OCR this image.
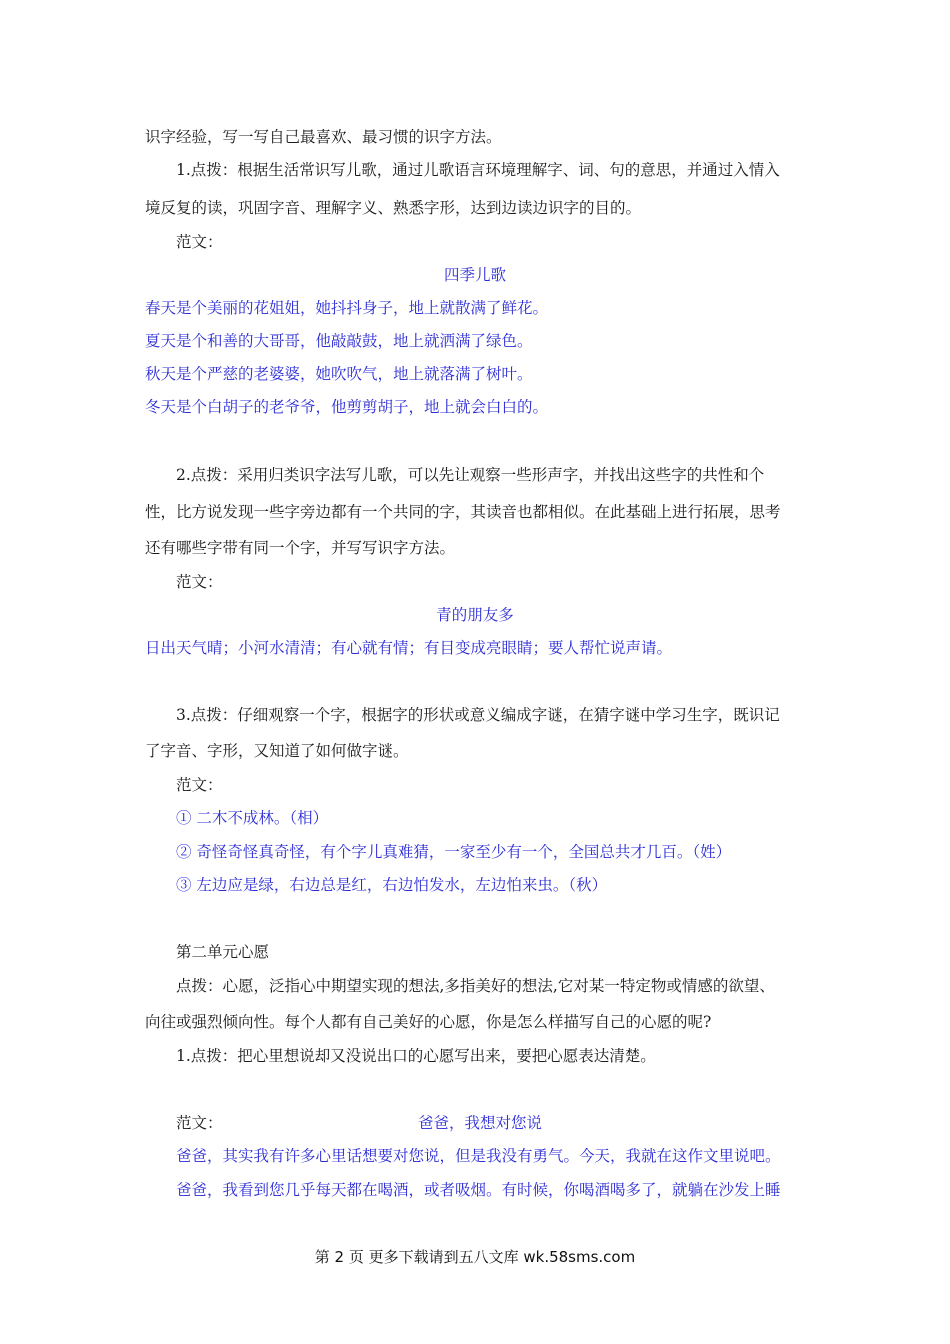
识字经验，写一写自己最喜欢、最习惯的识字方法。
1.点拨：根据生活常识写儿歌，通过儿歌语言环境理解字、词、句的意思，并通过入情入
境反复的读，巩固字音、理解字义、熟悉字形，达到边读边识字的目的。
范文：
四季儿歌
春天是个美丽的花姐姐，她抖抖身子，地上就散满了鲜花。
夏天是个和善的大哥哥，他敲敲鼓，地上就洒满了绿色。
秋天是个严慈的老婆婆，她吹吹气，地上就落满了树叶。
冬天是个白胡子的老爷爷，他剪剪胡子，地上就会白白的。
2.点拨：采用归类识字法写儿歌，可以先让观察一些形声字，并找出这些字的共性和个
性，比方说发现一些字旁边都有一个共同的字，其读音也都相似。在此基础上进行拓展，思考
还有哪些字带有同一个字，并写写识字方法。
范文：
青的朋友多
日出天气晴；小河水清清；有心就有情；有目变成亮眼睛；要人帮忙说声请。
3.点拨：仔细观察一个字，根据字的形状或意义编成字谜，在猜字谜中学习生字，既识记
了字音、字形，又知道了如何做字谜。
范文：
① 二木不成林。（相）
② 奇怪奇怪真奇怪，有个字儿真难猜，一家至少有一个，全国总共才几百。（姓）
③ 左边应是绿，右边总是红，右边怕发水，左边怕来虫。（秋）
第二单元心愿
点拨：心愿，泛指心中期望实现的想法,多指美好的想法,它对某一特定物或情感的欲望、
向往或强烈倾向性。每个人都有自己美好的心愿，你是怎么样描写自己的心愿的呢?
1.点拨：把心里想说却又没说出口的心愿写出来，要把心愿表达清楚。
范文：	爸爸，我想对您说
爸爸，其实我有许多心里话想要对您说，但是我没有勇气。今天，我就在这作文里说吧。
爸爸，我看到您几乎每天都在喝酒，或者吸烟。有时候，你喝酒喝多了，就躺在沙发上睡
第 2 页 更多下载请到五八文库 wk.58sms.com
